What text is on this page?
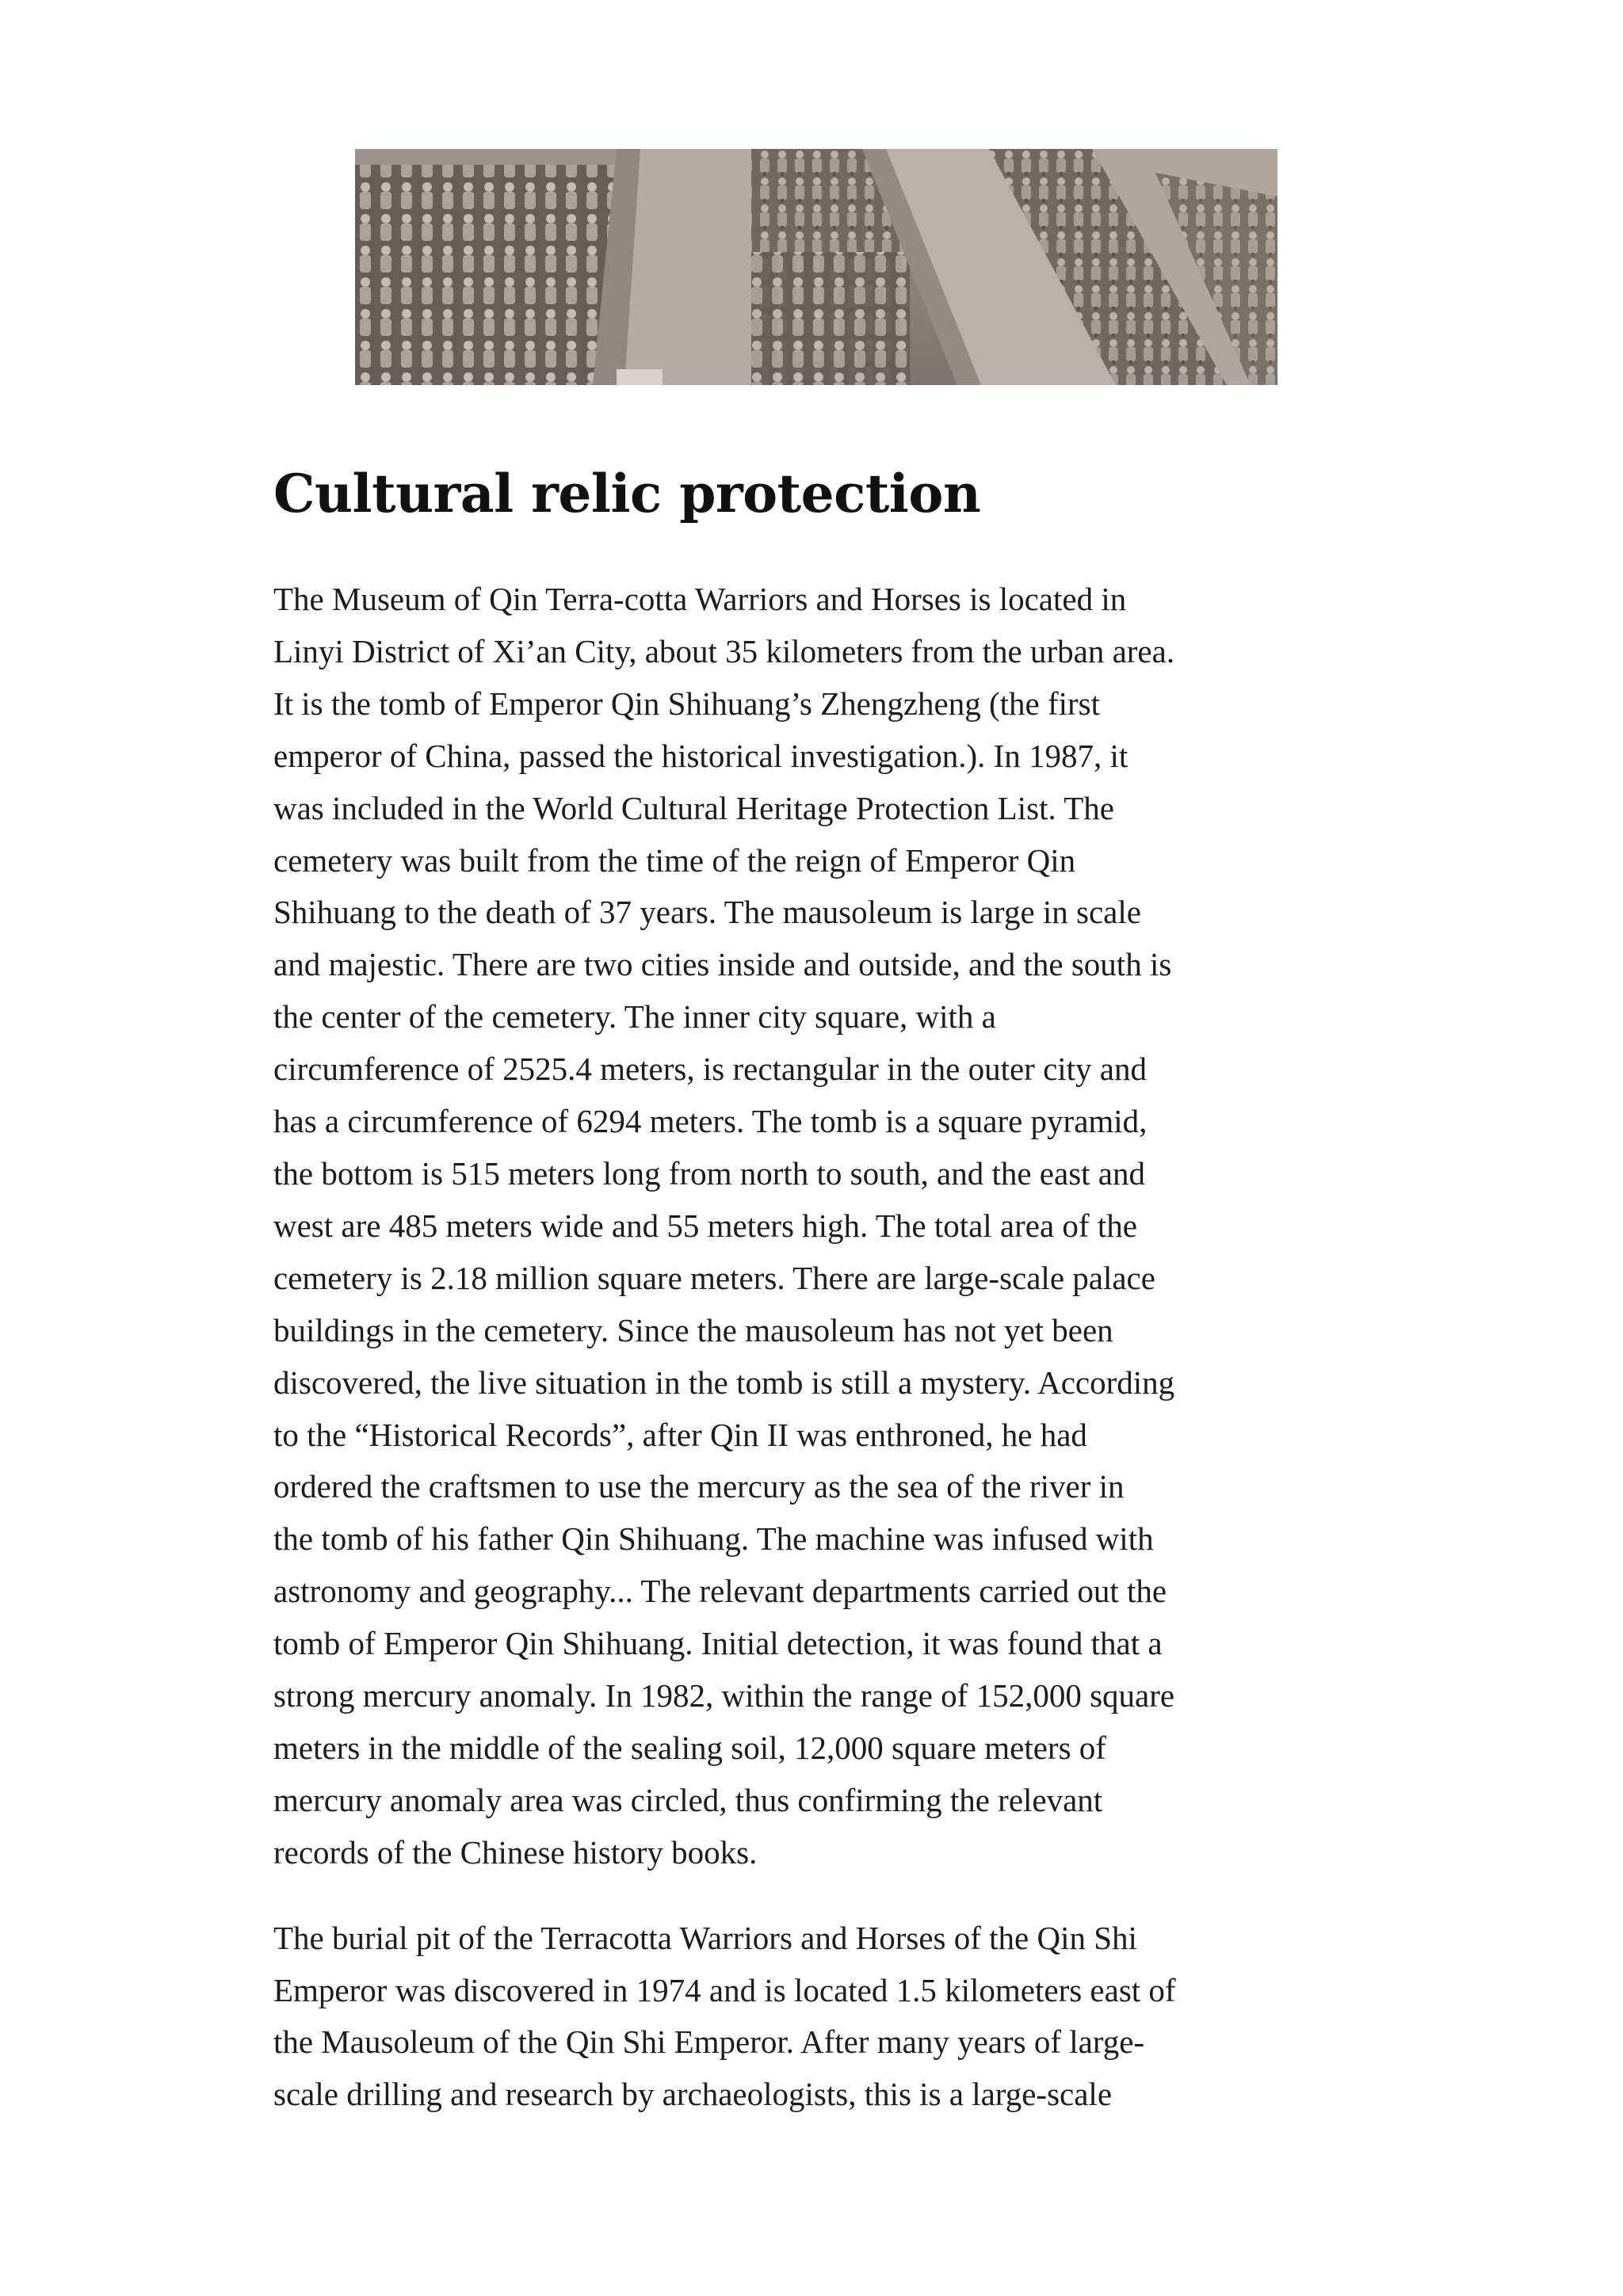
Cultural relic protection

The Museum of Qin Terra-cotta Warriors and Horses is located in
Linyi District of Xi’an City, about 35 kilometers from the urban area.
It is the tomb of Emperor Qin Shihuang’s Zhengzheng (the first
emperor of China, passed the historical investigation.). In 1987, it
was included in the World Cultural Heritage Protection List. The
cemetery was built from the time of the reign of Emperor Qin
Shihuang to the death of 37 years. The mausoleum is large in scale
and majestic. There are two cities inside and outside, and the south is
the center of the cemetery. The inner city square, with a
circumference of 2525.4 meters, is rectangular in the outer city and
has a circumference of 6294 meters. The tomb is a square pyramid,
the bottom is 515 meters long from north to south, and the east and
west are 485 meters wide and 55 meters high. The total area of the
cemetery is 2.18 million square meters. There are large-scale palace
buildings in the cemetery. Since the mausoleum has not yet been
discovered, the live situation in the tomb is still a mystery. According
to the “Historical Records”, after Qin II was enthroned, he had
ordered the craftsmen to use the mercury as the sea of the river in
the tomb of his father Qin Shihuang. The machine was infused with
astronomy and geography... The relevant departments carried out the
tomb of Emperor Qin Shihuang. Initial detection, it was found that a
strong mercury anomaly. In 1982, within the range of 152,000 square
meters in the middle of the sealing soil, 12,000 square meters of
mercury anomaly area was circled, thus confirming the relevant
records of the Chinese history books.

The burial pit of the Terracotta Warriors and Horses of the Qin Shi
Emperor was discovered in 1974 and is located 1.5 kilometers east of
the Mausoleum of the Qin Shi Emperor. After many years of large-
scale drilling and research by archaeologists, this is a large-scale
